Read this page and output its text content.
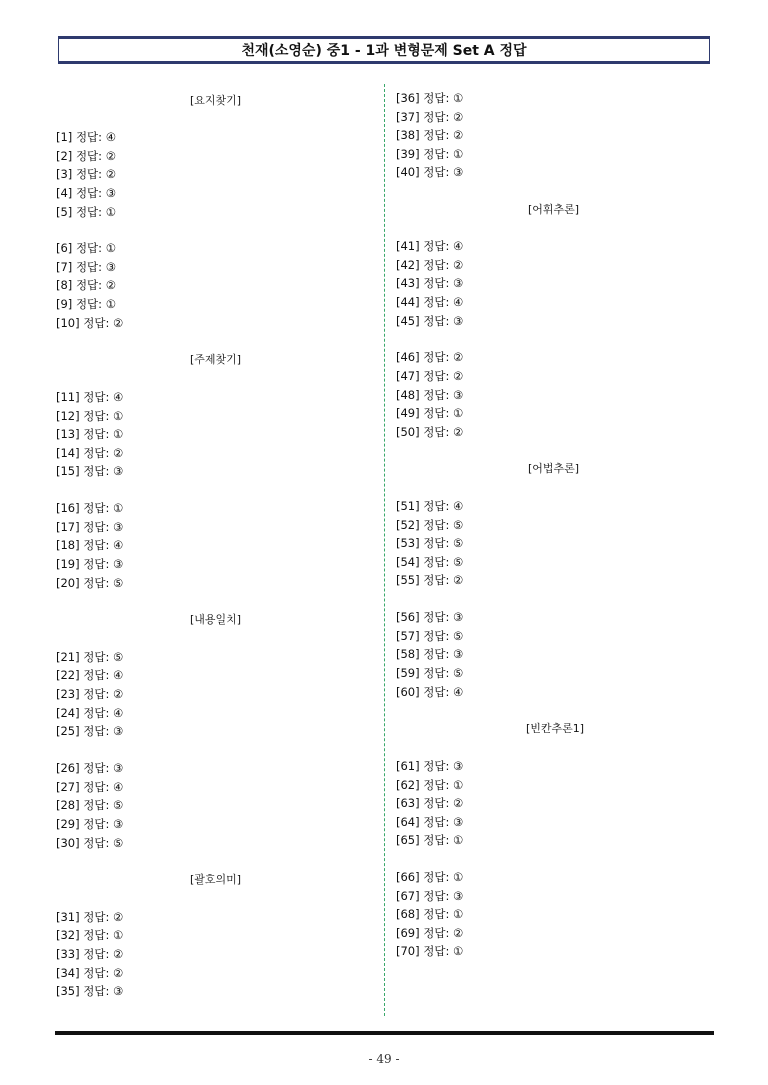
천재(소영순) 중1 - 1과 변형문제 Set A 정답
[요지찾기]
[1] 정답: ④
[2] 정답: ②
[3] 정답: ②
[4] 정답: ③
[5] 정답: ①
[6] 정답: ①
[7] 정답: ③
[8] 정답: ②
[9] 정답: ①
[10] 정답: ②
[주제찾기]
[11] 정답: ④
[12] 정답: ①
[13] 정답: ①
[14] 정답: ②
[15] 정답: ③
[16] 정답: ①
[17] 정답: ③
[18] 정답: ④
[19] 정답: ③
[20] 정답: ⑤
[내용일치]
[21] 정답: ⑤
[22] 정답: ④
[23] 정답: ②
[24] 정답: ④
[25] 정답: ③
[26] 정답: ③
[27] 정답: ④
[28] 정답: ⑤
[29] 정답: ③
[30] 정답: ⑤
[괄호의미]
[31] 정답: ②
[32] 정답: ①
[33] 정답: ②
[34] 정답: ②
[35] 정답: ③
[36] 정답: ①
[37] 정답: ②
[38] 정답: ②
[39] 정답: ①
[40] 정답: ③
[어휘추론]
[41] 정답: ④
[42] 정답: ②
[43] 정답: ③
[44] 정답: ④
[45] 정답: ③
[46] 정답: ②
[47] 정답: ②
[48] 정답: ③
[49] 정답: ①
[50] 정답: ②
[어법추론]
[51] 정답: ④
[52] 정답: ⑤
[53] 정답: ⑤
[54] 정답: ⑤
[55] 정답: ②
[56] 정답: ③
[57] 정답: ⑤
[58] 정답: ③
[59] 정답: ⑤
[60] 정답: ④
[빈칸추론1]
[61] 정답: ③
[62] 정답: ①
[63] 정답: ②
[64] 정답: ③
[65] 정답: ①
[66] 정답: ①
[67] 정답: ③
[68] 정답: ①
[69] 정답: ②
[70] 정답: ①
- 49 -
